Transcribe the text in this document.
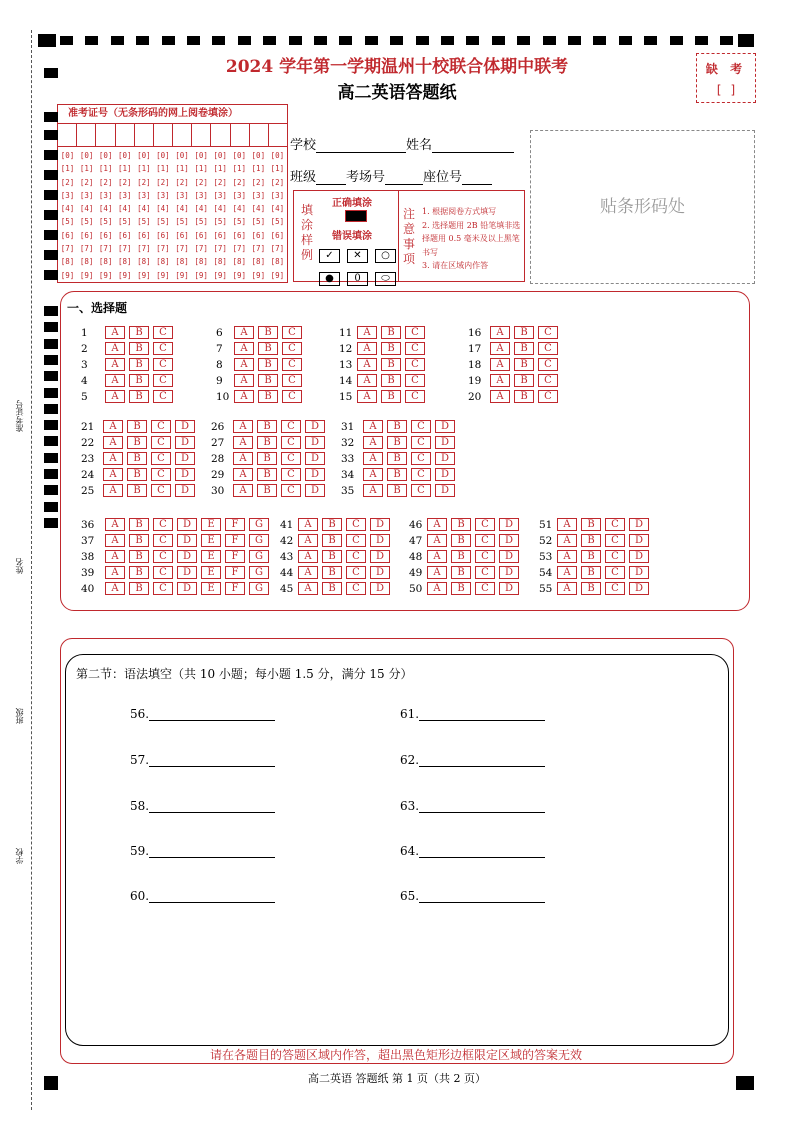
2024 学年第一学期温州十校联合体期中联考
高二英语答题纸
缺 考
[ ]
准考证号（无条形码的网上阅卷填涂）
[0]
[1]
[2]
[3]
[4]
[5]
[6]
[7]
[8]
[9]
[0]
[1]
[2]
[3]
[4]
[5]
[6]
[7]
[8]
[9]
[0]
[1]
[2]
[3]
[4]
[5]
[6]
[7]
[8]
[9]
[0]
[1]
[2]
[3]
[4]
[5]
[6]
[7]
[8]
[9]
[0]
[1]
[2]
[3]
[4]
[5]
[6]
[7]
[8]
[9]
[0]
[1]
[2]
[3]
[4]
[5]
[6]
[7]
[8]
[9]
[0]
[1]
[2]
[3]
[4]
[5]
[6]
[7]
[8]
[9]
[0]
[1]
[2]
[3]
[4]
[5]
[6]
[7]
[8]
[9]
[0]
[1]
[2]
[3]
[4]
[5]
[6]
[7]
[8]
[9]
[0]
[1]
[2]
[3]
[4]
[5]
[6]
[7]
[8]
[9]
[0]
[1]
[2]
[3]
[4]
[5]
[6]
[7]
[8]
[9]
[0]
[1]
[2]
[3]
[4]
[5]
[6]
[7]
[8]
[9]
学校	姓名
班级 考场号	座位号
贴条形码处
填
涂
样
例
正确填涂
错误填涂
✓ ✕ ○● 0 ⬭
注
意
事
项
1. 根据阅卷方式填写
2. 选择题用 2B 铅笔填非选择题用 0.5 毫米及以上黑笔书写
3. 请在区域内作答
一、选择题
1 A B C
2 A B C
3 A B C
4 A B C
5 A B C
6 A B C
7 A B C
8 A B C
9 A B C
10 A B C
11 A B C
12 A B C
13 A B C
14 A B C
15 A B C
16 A B C
17 A B C
18 A B C
19 A B C
20 A B C
21 A B C D
22 A B C D
23 A B C D
24 A B C D
25 A B C D
26 A B C D
27 A B C D
28 A B C D
29 A B C D
30 A B C D
31 A B C D
32 A B C D
33 A B C D
34 A B C D
35 A B C D
36 A B C D E F G
37 A B C D E F G
38 A B C D E F G
39 A B C D E F G
40 A B C D E F G
41 A B C D
42 A B C D
43 A B C D
44 A B C D
45 A B C D
46 A B C D
47 A B C D
48 A B C D
49 A B C D
50 A B C D
51 A B C D
52 A B C D
53 A B C D
54 A B C D
55 A B C D
第二节：语法填空（共 10 小题；每小题 1.5 分，满分 15 分）
56.
57.
58.
59.
60.
61.
62.
63.
64.
65.
请在各题目的答题区域内作答，超出黑色矩形边框限定区域的答案无效
高二英语 答题纸 第 1 页（共 2 页）
准考证号
姓名
班级
学校
